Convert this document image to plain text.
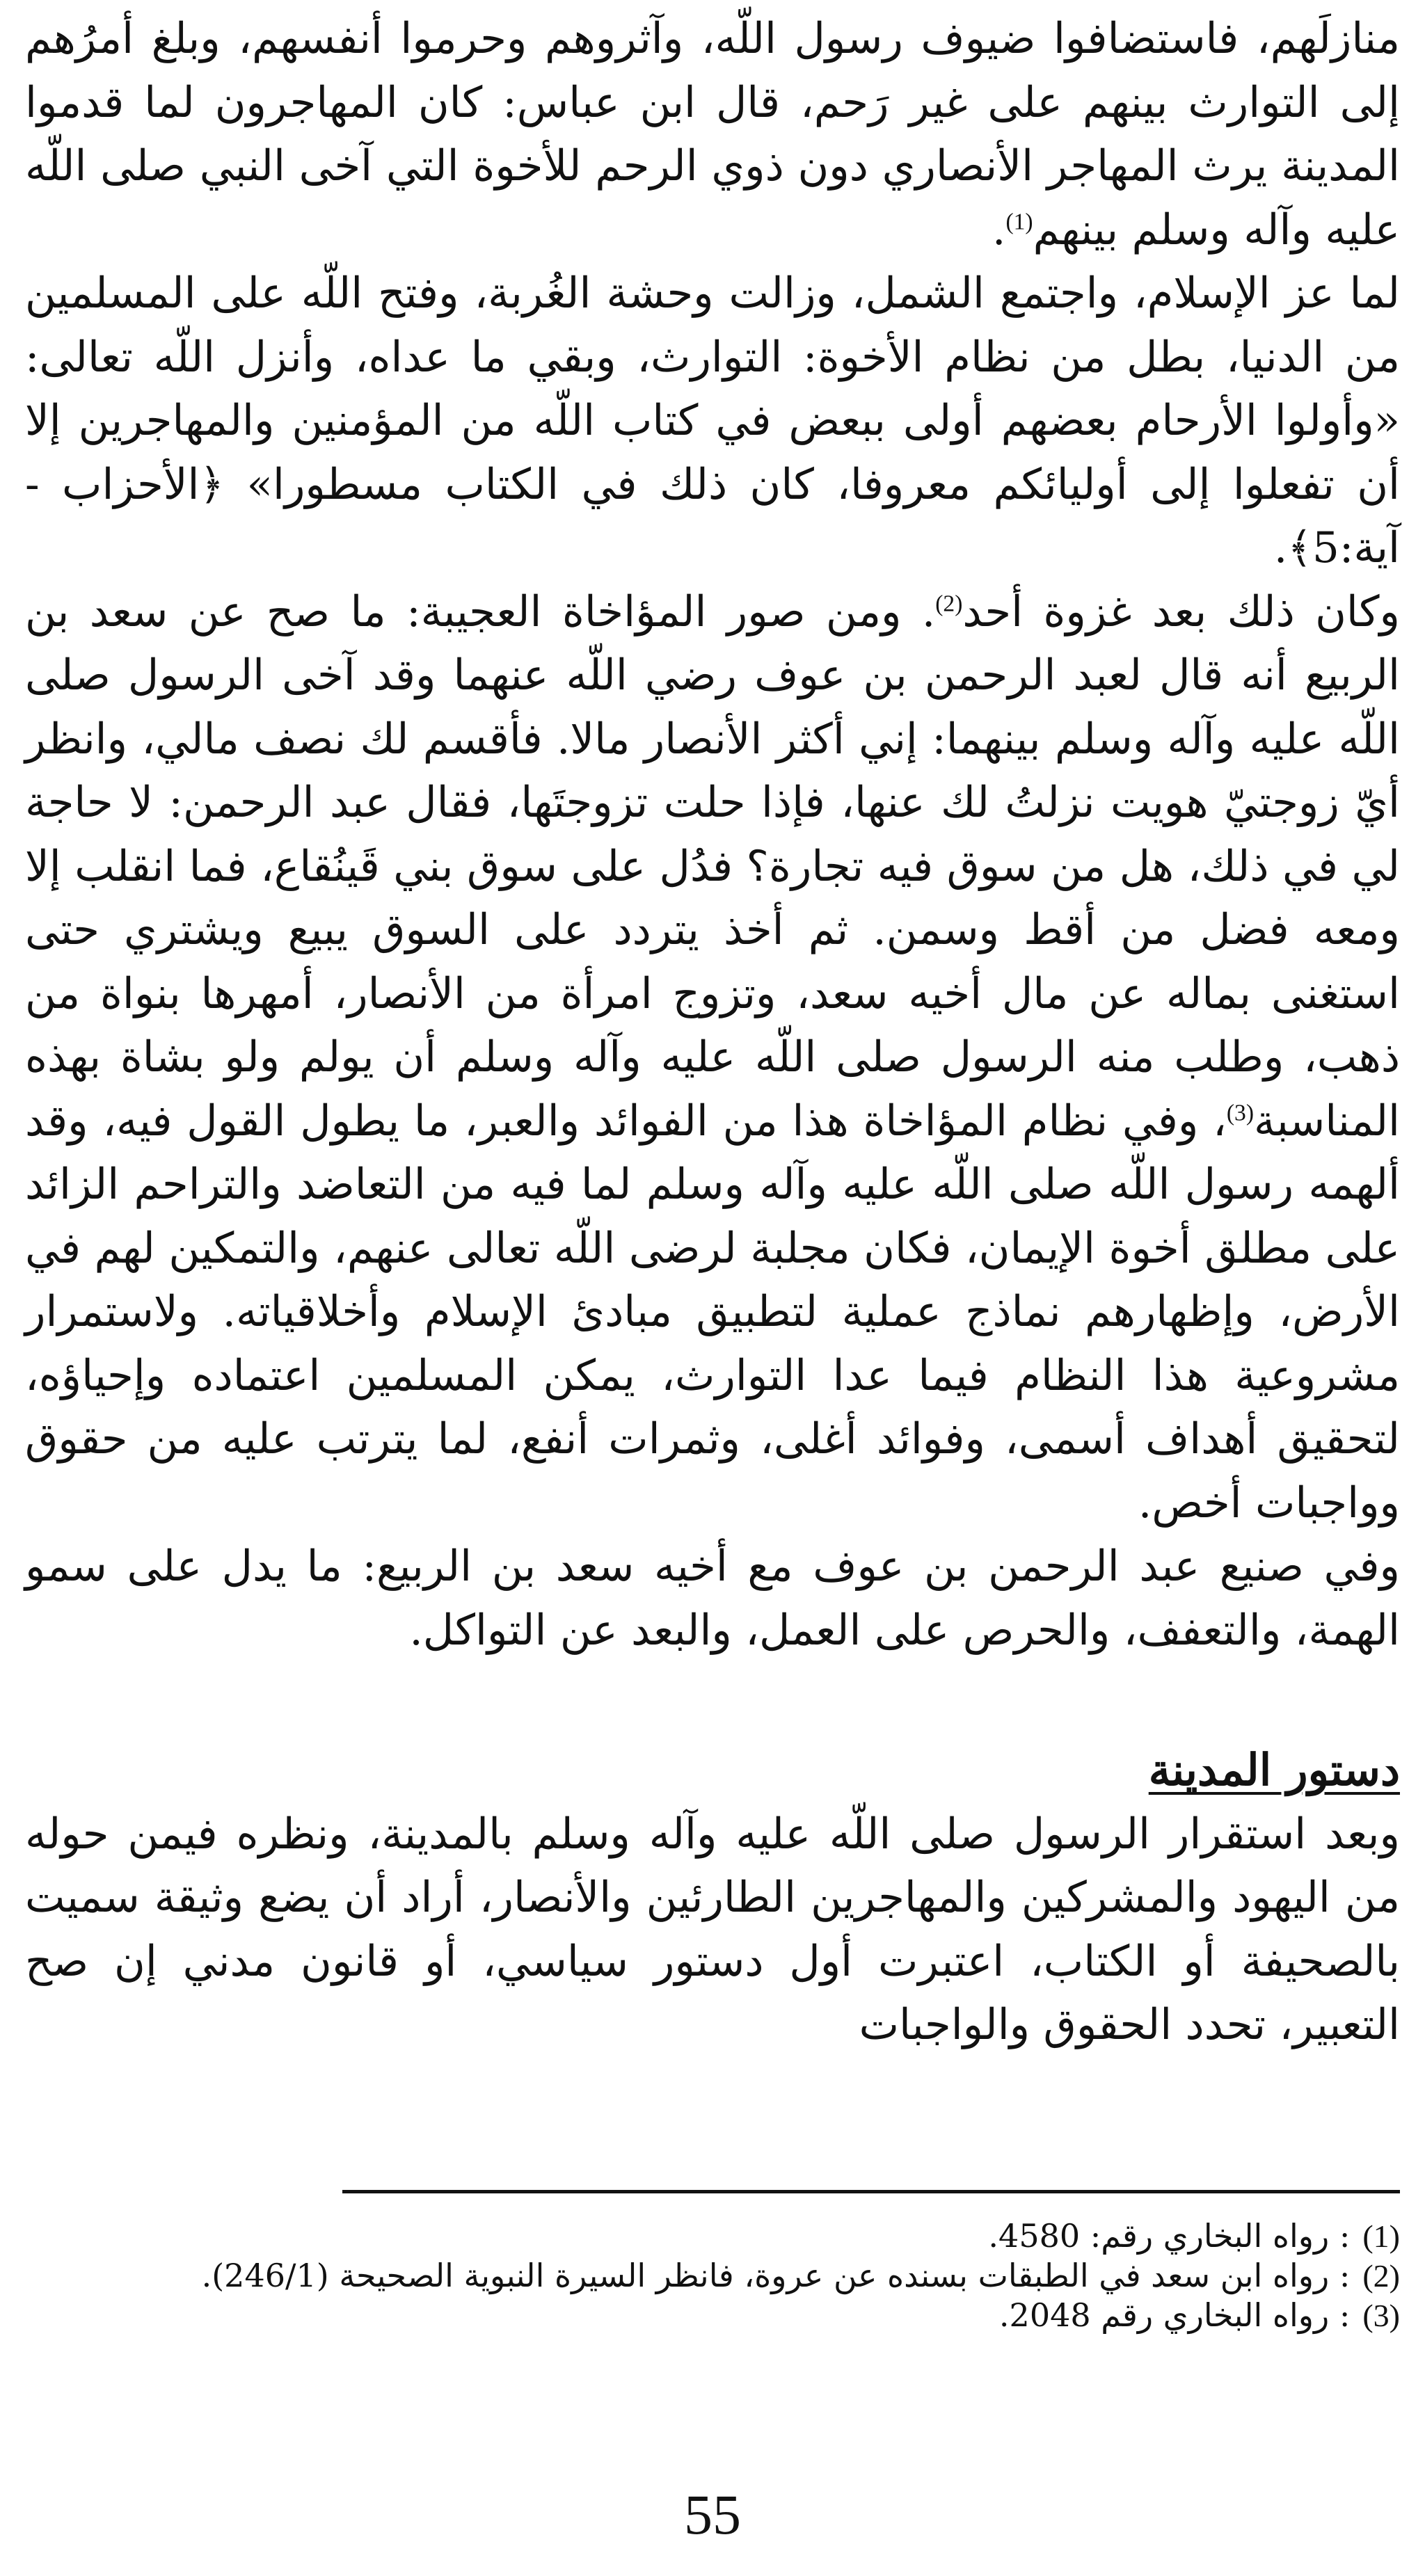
منازلَهم، فاستضافوا ضيوف رسول اللّه، وآثروهم وحرموا أنفسهم، وبلغ أمرُهم إلى التوارث بينهم على غير رَحم، قال ابن عباس: كان المهاجرون لما قدموا المدينة يرث المهاجر الأنصاري دون ذوي الرحم للأخوة التي آخى النبي صلى اللّه عليه وآله وسلم بينهم$^{(1)}$.

لما عز الإسلام، واجتمع الشمل، وزالت وحشة الغُربة، وفتح اللّه على المسلمين من الدنيا، بطل من نظام الأخوة: التوارث، وبقي ما عداه، وأنزل اللّه تعالى: «وأولوا الأرحام بعضهم أولى ببعض في كتاب اللّه من المؤمنين والمهاجرين إلا أن تفعلوا إلى أوليائكم معروفا، كان ذلك في الكتاب مسطورا» ﴿الأحزاب - آية:5﴾.

وكان ذلك بعد غزوة أحد$^{(2)}$. ومن صور المؤاخاة العجيبة: ما صح عن سعد بن الربيع أنه قال لعبد الرحمن بن عوف رضي اللّه عنهما وقد آخى الرسول صلى اللّه عليه وآله وسلم بينهما: إني أكثر الأنصار مالا. فأقسم لك نصف مالي، وانظر أيّ زوجتيّ هويت نزلتُ لك عنها، فإذا حلت تزوجتَها، فقال عبد الرحمن: لا حاجة لي في ذلك، هل من سوق فيه تجارة؟ فدُل على سوق بني قَينُقاع، فما انقلب إلا ومعه فضل من أقط وسمن. ثم أخذ يتردد على السوق يبيع ويشتري حتى استغنى بماله عن مال أخيه سعد، وتزوج امرأة من الأنصار، أمهرها بنواة من ذهب، وطلب منه الرسول صلى اللّه عليه وآله وسلم أن يولم ولو بشاة بهذه المناسبة$^{(3)}$، وفي نظام المؤاخاة هذا من الفوائد والعبر، ما يطول القول فيه، وقد ألهمه رسول اللّه صلى اللّه عليه وآله وسلم لما فيه من التعاضد والتراحم الزائد على مطلق أخوة الإيمان، فكان مجلبة لرضى اللّه تعالى عنهم، والتمكين لهم في الأرض، وإظهارهم نماذج عملية لتطبيق مبادئ الإسلام وأخلاقياته. ولاستمرار مشروعية هذا النظام فيما عدا التوارث، يمكن المسلمين اعتماده وإحياؤه، لتحقيق أهداف أسمى، وفوائد أغلى، وثمرات أنفع، لما يترتب عليه من حقوق وواجبات أخص.

وفي صنيع عبد الرحمن بن عوف مع أخيه سعد بن الربيع: ما يدل على سمو الهمة، والتعفف، والحرص على العمل، والبعد عن التواكل.

دستور المدينة

وبعد استقرار الرسول صلى اللّه عليه وآله وسلم بالمدينة، ونظره فيمن حوله من اليهود والمشركين والمهاجرين الطارئين والأنصار، أراد أن يضع وثيقة سميت بالصحيفة أو الكتاب، اعتبرت أول دستور سياسي، أو قانون مدني إن صح التعبير، تحدد الحقوق والواجبات

(1)
: رواه البخاري رقم: 4580.
(2)
: رواه ابن سعد في الطبقات بسنده عن عروة، فانظر السيرة النبوية الصحيحة (246/1).
(3)
: رواه البخاري رقم 2048.
55
